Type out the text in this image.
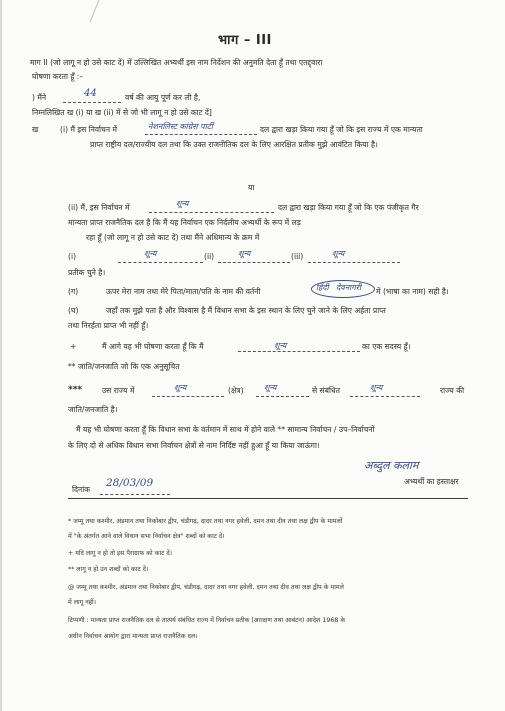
भाग – III
माग II (जो लागू न हो उसे काट दें) में उल्लिखित अभ्यर्थी इस नाम निर्देशन की अनुमति देता हूँ तथा एतद्द्वारा
घोषणा करता हूँ :–
) मैंने	44	वर्ष की आयु पूर्ण कर ली है,
निम्नलिखित ख (i) या ख (ii) में से जो भी लागू न हो उसे काट दें]
ख	(i) मैं इस निर्वाचन में	नेशनलिस्ट कांग्रेस पार्टी	दल द्वारा खड़ा किया गया हूँ जो कि इस राज्य में एक मान्यता
प्राप्त राष्ट्रीय दल/राज्यीय दल तथा कि उक्त राजनीतिक दल के लिए आरक्षित प्रतीक मुझे आवंटित किया है।
या
(ii) मैं, इस निर्वाचन में	शून्य	दल द्वारा खड़ा किया गया हूँ जो कि एक पंजीकृत गैर
मान्यता प्राप्त राजनैतिक दल है कि मैं यह निर्वाचन एक निर्दलीय अभ्यर्थी के रूप में लड़
रहा हूँ (जो लागू न हो उसे काट दें) तथा मैंने अधिमान्य के क्रम में
(i)	शून्य	(ii)	शून्य	(iii)	शून्य
प्रतीक चुने है।
(ग)	ऊपर मेरा नाम तथा मेरे पिता/माता/पति के नाम की वर्तनी	हिंदी देवनागरी में (भाषा का नाम) सही है।
(घ)	जहाँ तक मुझे पता है और विश्वास है मैं विधान सभा के इस स्थान के लिए चुने जाने के लिए अर्हता प्राप्त
तथा निरर्हता प्राप्त भी नहीं हूँ।
+	मैं आगे यह भी घोषणा करता हूँ कि मैं	शून्य	का एक सदस्य हूँ।
** जाति/जनजाति जो कि एक अनुसूचित
***	उस राज्य में	शून्य	(क्षेत्र)	शून्य	से संबंधित	शून्य	राज्य की
जाति/जनजाति है।
मैं यह भी घोषणा करता हूँ कि विधान सभा के वर्तमान में साथ में होने वाले ** सामान्य निर्वाचन / उप–निर्वाचनों
के लिए दो से अधिक विधान सभा निर्वाचन क्षेत्रों से नाम निर्दिष्ट नहीं हुआ हूँ या किया जाऊंगा।
दिनांक
28/03/09
अब्दुल कलाम
अभ्यर्थी का हस्ताक्षर
* जम्मू तथा कश्मीर, अंडमान तथा निकोबार द्वीप, चंडीगढ़, दादर तथा नगर हवेली, दमन तथा दीव तथा लक्ष द्वीप के मामलों
में "के अंतर्गत आने वाले विधान सभा निर्वाचन क्षेत्र" शब्दों को काट दें।
+ यदि लागू न हो तो इस पैराग्राफ को काट दें।
** लागू न हो उन शब्दों को काट दें।
@ जम्मू तथा कश्मीर, अंडमान तथा निकोबार द्वीप, चंडीगढ़, दादर तथा नगर हवेली, दमन तथा दीव तथा लक्ष द्वीप के मामले
में लागू नहीं।
टिप्पणी : मान्यता प्राप्त राजनैतिक दल से तात्पर्य संबंधित राज्य में निर्वाचन प्रतीक (आरक्षण तथा आबंटन) आदेश 1968 के
अधीन निर्वाचन आयोग द्वारा मान्यता प्राप्त राजनैतिक दल।
